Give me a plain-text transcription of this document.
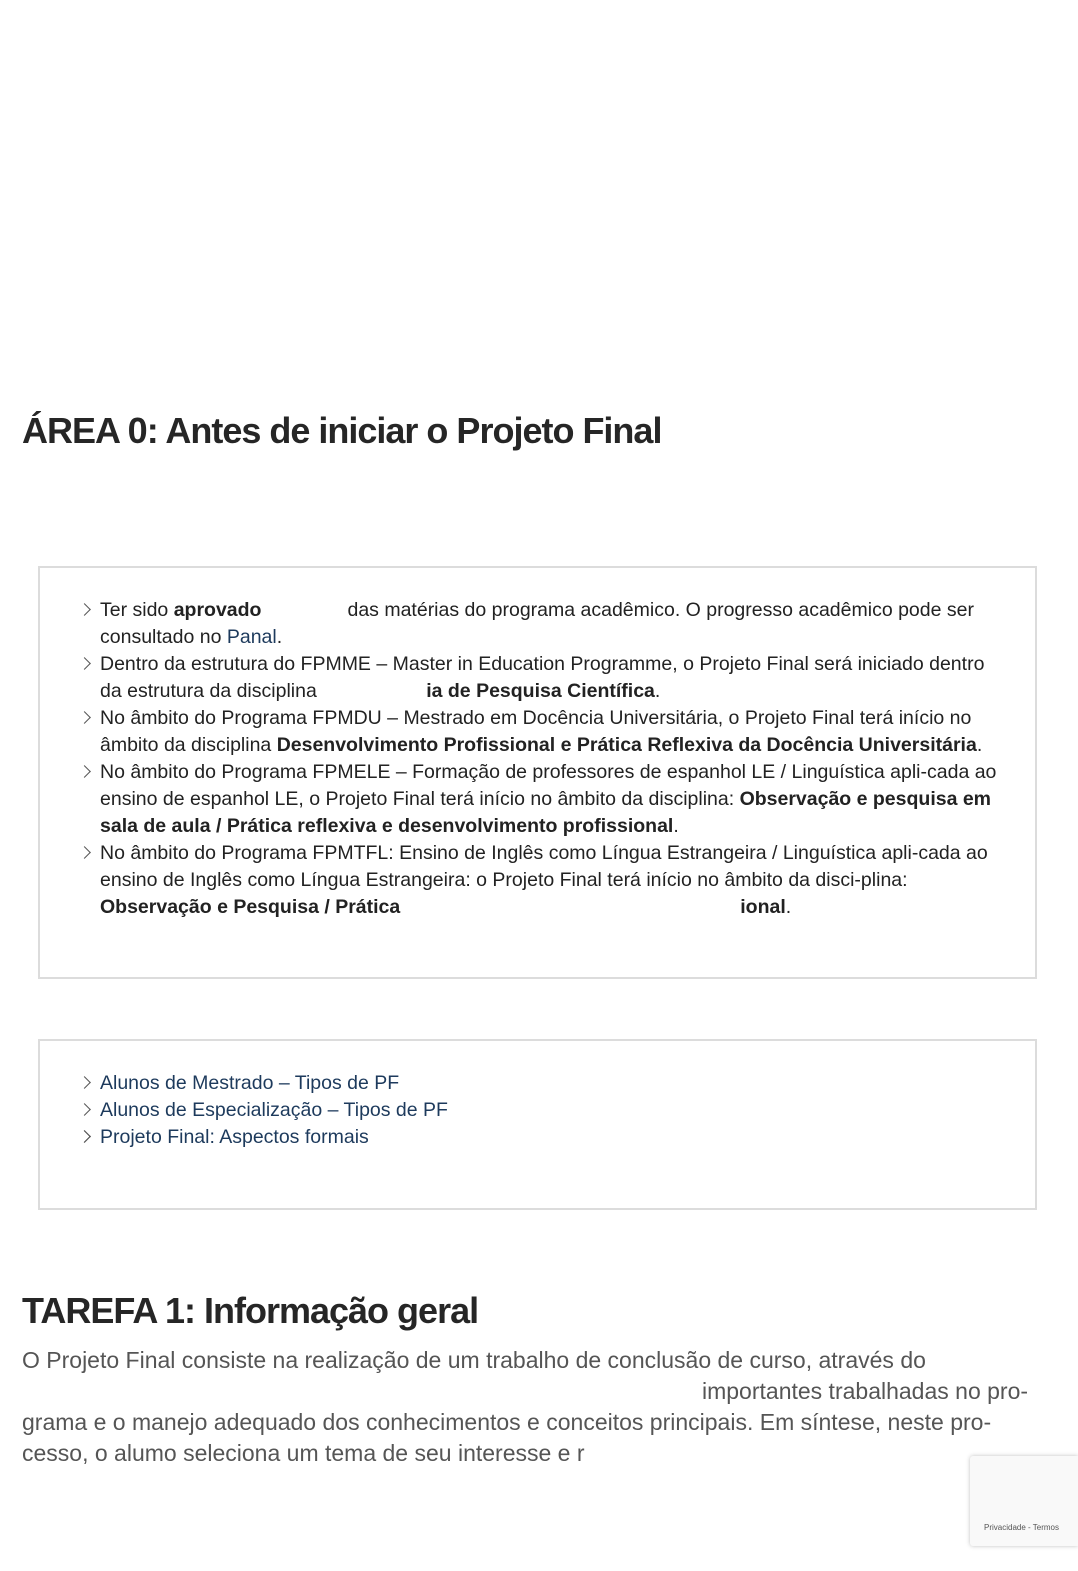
ÁREA 0: Antes de iniciar o Projeto Final
Ter sido aprovado	das matérias do programa acadêmico. O progresso acadêmico pode ser consultado no Panal.
Dentro da estrutura do FPMME – Master in Education Programme, o Projeto Final será iniciado dentro da estrutura da disciplina	ia de Pesquisa Científica.
No âmbito do Programa FPMDU – Mestrado em Docência Universitária, o Projeto Final terá início no âmbito da disciplina Desenvolvimento Profissional e Prática Reflexiva da Docência Universitária.
No âmbito do Programa FPMELE – Formação de professores de espanhol LE / Linguística apli-cada ao ensino de espanhol LE, o Projeto Final terá início no âmbito da disciplina: Observação e pesquisa em sala de aula / Prática reflexiva e desenvolvimento profissional.
No âmbito do Programa FPMTFL: Ensino de Inglês como Língua Estrangeira / Linguística apli-cada ao ensino de Inglês como Língua Estrangeira: o Projeto Final terá início no âmbito da disci-plina: Observação e Pesquisa / Prática	ional.
Alunos de Mestrado – Tipos de PF
Alunos de Especialização – Tipos de PF
Projeto Final: Aspectos formais
TAREFA 1: Informação geral

O Projeto Final consiste na realização de um trabalho de conclusão de curso, através do
importantes trabalhadas no pro-
grama e o manejo adequado dos conhecimentos e conceitos principais. Em síntese, neste pro-
cesso, o alumo seleciona um tema de seu interesse e r

Privacidade - Termos
